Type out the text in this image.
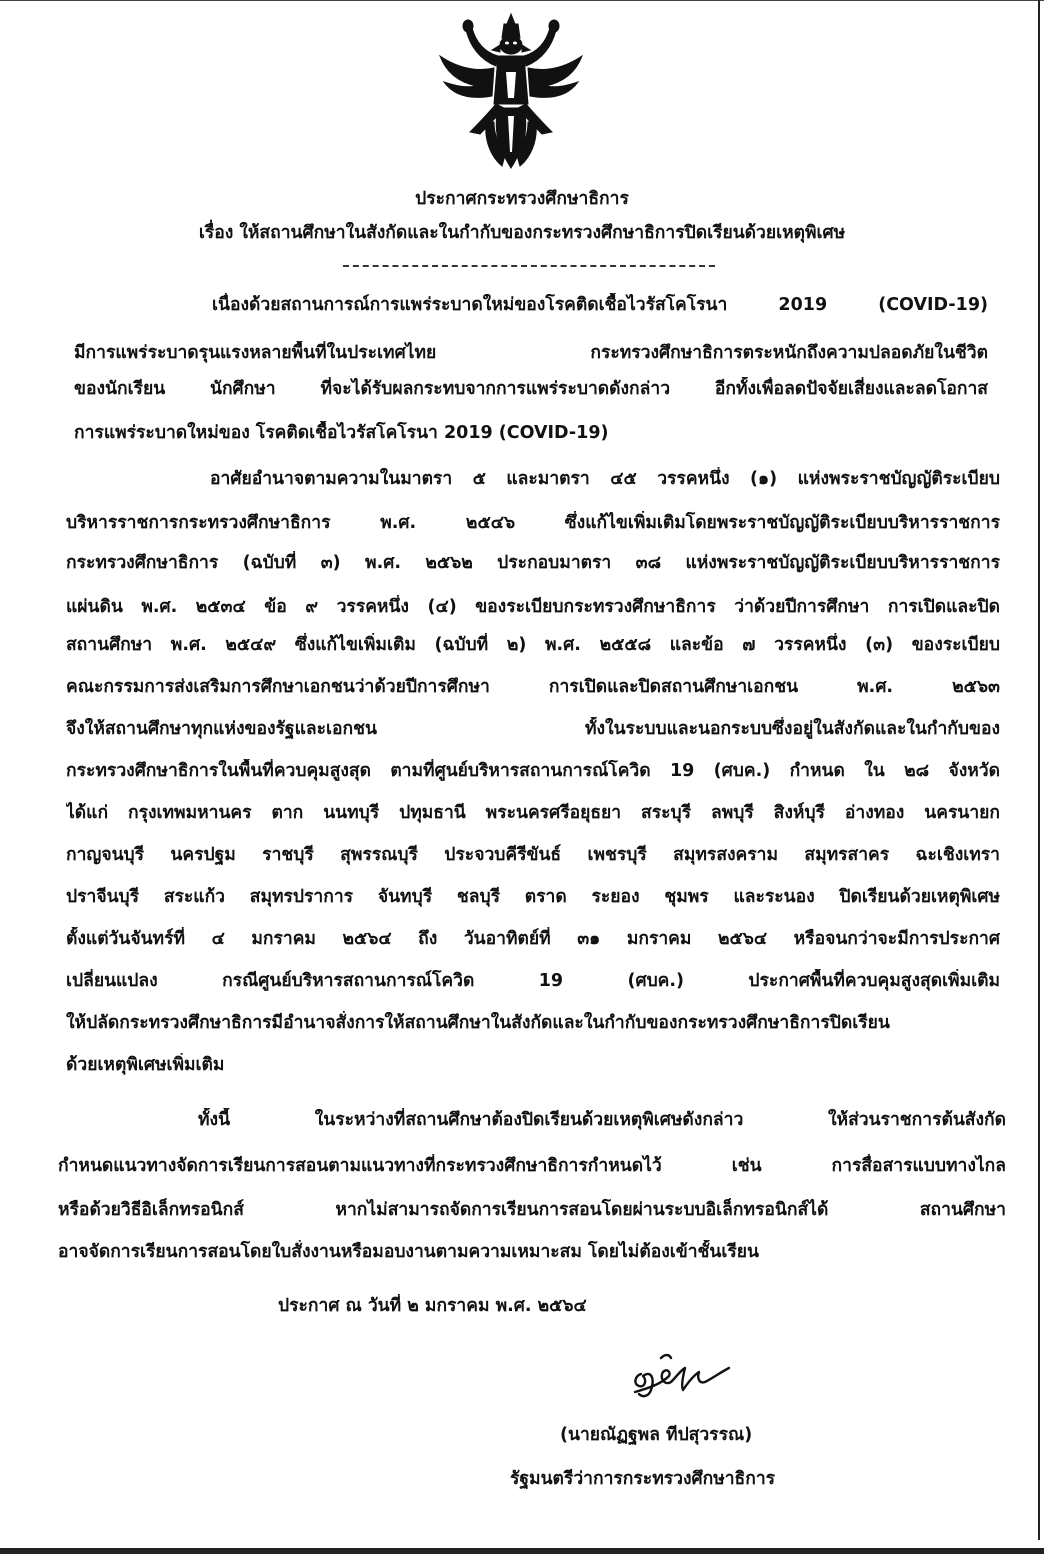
ประกาศกระทรวงศึกษาธิการ
เรื่อง ให้สถานศึกษาในสังกัดและในกำกับของกระทรวงศึกษาธิการปิดเรียนด้วยเหตุพิเศษ
เนื่องด้วยสถานการณ์การแพร่ระบาดใหม่ของโรคติดเชื้อไวรัสโคโรนา 2019 (COVID-19)
มีการแพร่ระบาดรุนแรงหลายพื้นที่ในประเทศไทย กระทรวงศึกษาธิการตระหนักถึงความปลอดภัยในชีวิต
ของนักเรียน นักศึกษา ที่จะได้รับผลกระทบจากการแพร่ระบาดดังกล่าว อีกทั้งเพื่อลดปัจจัยเสี่ยงและลดโอกาส
การแพร่ระบาดใหม่ของ โรคติดเชื้อไวรัสโคโรนา 2019 (COVID-19)
อาศัยอำนาจตามความในมาตรา ๕ และมาตรา ๔๕ วรรคหนึ่ง (๑) แห่งพระราชบัญญัติระเบียบ
บริหารราชการกระทรวงศึกษาธิการ พ.ศ. ๒๕๔๖ ซึ่งแก้ไขเพิ่มเติมโดยพระราชบัญญัติระเบียบบริหารราชการ
กระทรวงศึกษาธิการ (ฉบับที่ ๓) พ.ศ. ๒๕๖๒ ประกอบมาตรา ๓๘ แห่งพระราชบัญญัติระเบียบบริหารราชการ
แผ่นดิน พ.ศ. ๒๕๓๔ ข้อ ๙ วรรคหนึ่ง (๔) ของระเบียบกระทรวงศึกษาธิการ ว่าด้วยปีการศึกษา การเปิดและปิด
สถานศึกษา พ.ศ. ๒๕๔๙ ซึ่งแก้ไขเพิ่มเติม (ฉบับที่ ๒) พ.ศ. ๒๕๕๘ และข้อ ๗ วรรคหนึ่ง (๓) ของระเบียบ
คณะกรรมการส่งเสริมการศึกษาเอกชนว่าด้วยปีการศึกษา การเปิดและปิดสถานศึกษาเอกชน พ.ศ. ๒๕๖๓
จึงให้สถานศึกษาทุกแห่งของรัฐและเอกชน ทั้งในระบบและนอกระบบซึ่งอยู่ในสังกัดและในกำกับของ
กระทรวงศึกษาธิการในพื้นที่ควบคุมสูงสุด ตามที่ศูนย์บริหารสถานการณ์โควิด 19 (ศบค.) กำหนด ใน ๒๘ จังหวัด
ได้แก่ กรุงเทพมหานคร ตาก นนทบุรี ปทุมธานี พระนครศรีอยุธยา สระบุรี ลพบุรี สิงห์บุรี อ่างทอง นครนายก
กาญจนบุรี นครปฐม ราชบุรี สุพรรณบุรี ประจวบคีรีขันธ์ เพชรบุรี สมุทรสงคราม สมุทรสาคร ฉะเชิงเทรา
ปราจีนบุรี สระแก้ว สมุทรปราการ จันทบุรี ชลบุรี ตราด ระยอง ชุมพร และระนอง ปิดเรียนด้วยเหตุพิเศษ
ตั้งแต่วันจันทร์ที่ ๔ มกราคม ๒๕๖๔ ถึง วันอาทิตย์ที่ ๓๑ มกราคม ๒๕๖๔ หรือจนกว่าจะมีการประกาศ
เปลี่ยนแปลง กรณีศูนย์บริหารสถานการณ์โควิด 19 (ศบค.) ประกาศพื้นที่ควบคุมสูงสุดเพิ่มเติม
ให้ปลัดกระทรวงศึกษาธิการมีอำนาจสั่งการให้สถานศึกษาในสังกัดและในกำกับของกระทรวงศึกษาธิการปิดเรียน
ด้วยเหตุพิเศษเพิ่มเติม
ทั้งนี้ ในระหว่างที่สถานศึกษาต้องปิดเรียนด้วยเหตุพิเศษดังกล่าว ให้ส่วนราชการต้นสังกัด
กำหนดแนวทางจัดการเรียนการสอนตามแนวทางที่กระทรวงศึกษาธิการกำหนดไว้ เช่น การสื่อสารแบบทางไกล
หรือด้วยวิธีอิเล็กทรอนิกส์ หากไม่สามารถจัดการเรียนการสอนโดยผ่านระบบอิเล็กทรอนิกส์ได้ สถานศึกษา
อาจจัดการเรียนการสอนโดยใบสั่งงานหรือมอบงานตามความเหมาะสม โดยไม่ต้องเข้าชั้นเรียน
ประกาศ ณ วันที่ ๒ มกราคม พ.ศ. ๒๕๖๔
(นายณัฏฐพล ทีปสุวรรณ)
รัฐมนตรีว่าการกระทรวงศึกษาธิการ
